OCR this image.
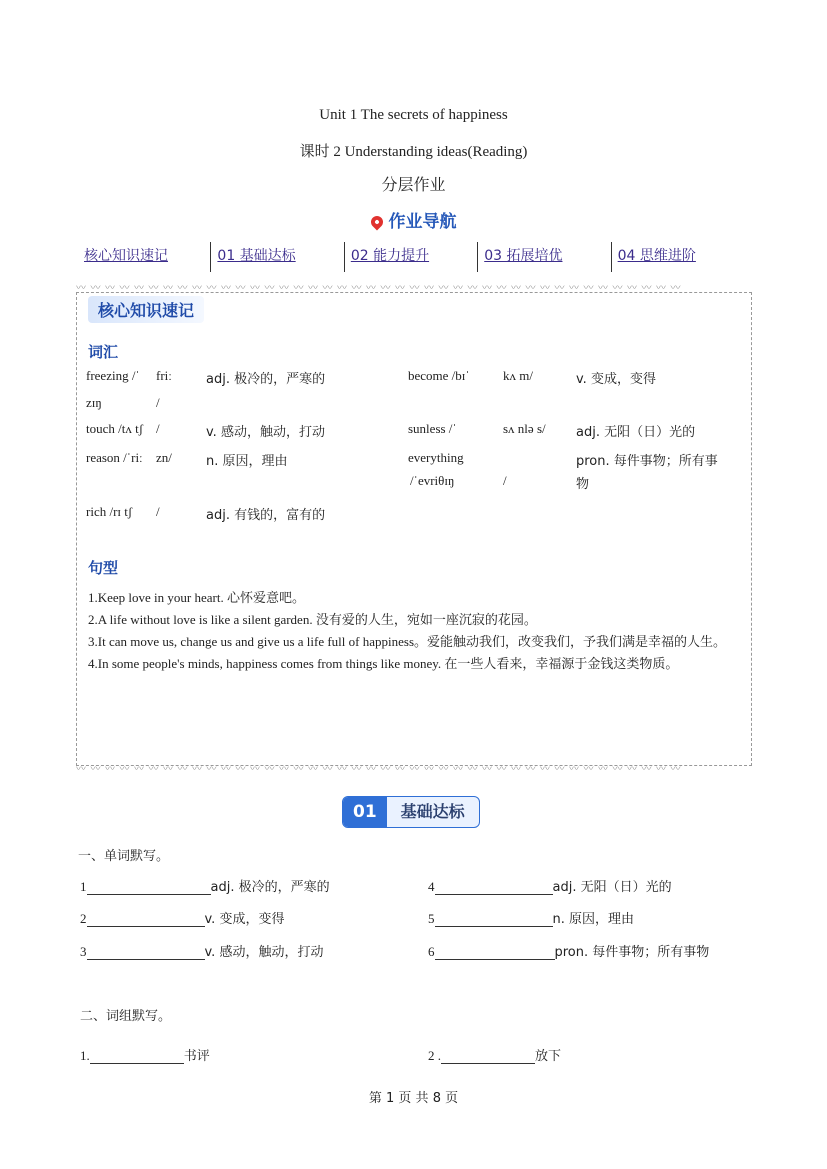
Unit 1 The secrets of happiness
课时 2 Understanding ideas(Reading)
分层作业
作业导航
核心知识速记	01 基础达标	02 能力提升	03 拓展培优	04 思维进阶
〰 〰 〰 〰 〰 〰 〰 〰 〰 〰 〰 〰 〰 〰 〰 〰 〰 〰 〰 〰 〰 〰 〰 〰 〰 〰 〰 〰 〰 〰 〰 〰 〰 〰 〰 〰 〰 〰 〰 〰 〰 〰
〰 〰 〰 〰 〰 〰 〰 〰 〰 〰 〰 〰 〰 〰 〰 〰 〰 〰 〰 〰 〰 〰 〰 〰 〰 〰 〰 〰 〰 〰 〰 〰 〰 〰 〰 〰 〰 〰 〰 〰 〰 〰
核心知识速记
词汇
freezing /ˈ	friː	adj. 极冷的，严寒的	become /bɪˈ	kʌ m/	v. 变成，变得
zɪŋ	/				
touch /tʌ tʃ	/	v. 感动，触动，打动	sunless /ˈ	sʌ nlə s/	adj. 无阳（日）光的
reason /ˈriː	zn/	n. 原因，理由	everything		pron. 每件事物；所有事
			/ˈevriθɪŋ	/	物
rich /rɪ tʃ	/	adj. 有钱的，富有的			
句型
1.Keep love in your heart. 心怀爱意吧。
2.A life without love is like a silent garden. 没有爱的人生，宛如一座沉寂的花园。
3.It can move us, change us and give us a life full of happiness。爱能触动我们，改变我们，予我们满是幸福的人生。
4.In some people's minds, happiness comes from things like money. 在一些人看来，幸福源于金钱这类物质。
01	基础达标
一、单词默写。
1	adj. 极冷的，严寒的	4	adj. 无阳（日）光的
2	v. 变成，变得	5	n. 原因，理由
3	v. 感动，触动，打动	6	pron. 每件事物；所有事物
二、词组默写。
1.	书评	2 .	放下
第 1 页 共 8 页
